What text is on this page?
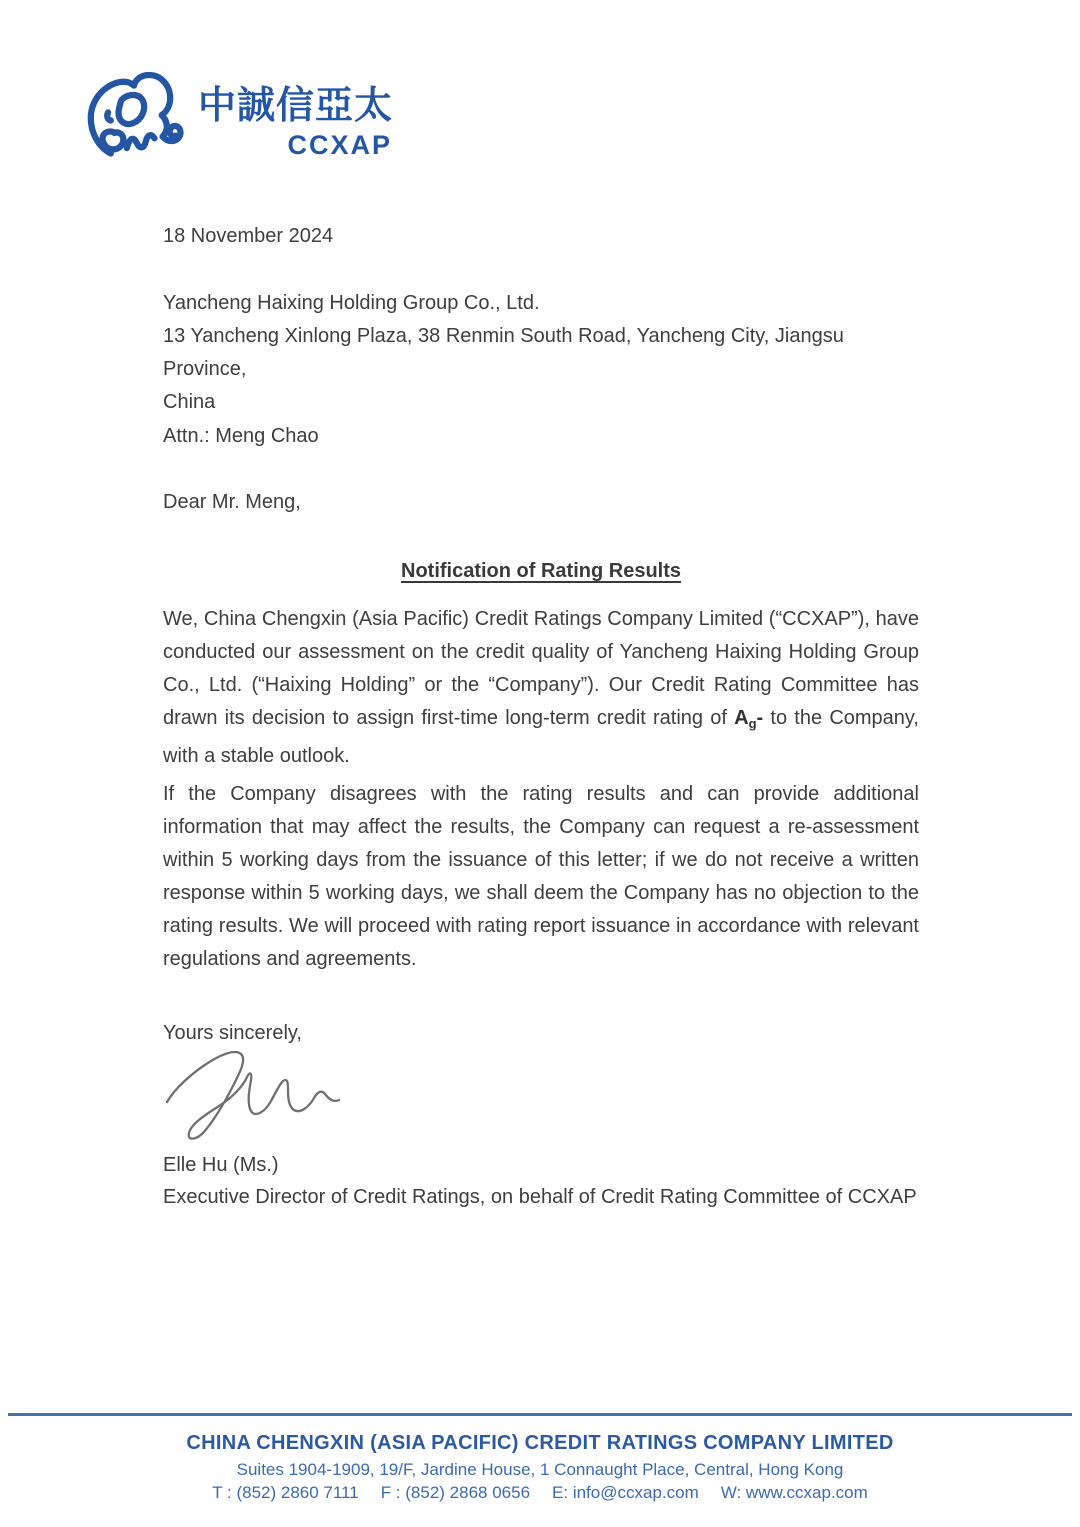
中誠信亞太
CCXAP

18 November 2024

Yancheng Haixing Holding Group Co., Ltd.

13 Yancheng Xinlong Plaza, 38 Renmin South Road, Yancheng City, Jiangsu Province,

China

Attn.: Meng Chao

Dear Mr. Meng,

Notification of Rating Results

We, China Chengxin (Asia Pacific) Credit Ratings Company Limited (“CCXAP”), have conducted our assessment on the credit quality of Yancheng Haixing Holding Group Co., Ltd. (“Haixing Holding” or the “Company”). Our Credit Rating Committee has drawn its decision to assign first-time long-term credit rating of $A_g-$ to the Company, with a stable outlook.

If the Company disagrees with the rating results and can provide additional information that may affect the results, the Company can request a re-assessment within 5 working days from the issuance of this letter; if we do not receive a written response within 5 working days, we shall deem the Company has no objection to the rating results. We will proceed with rating report issuance in accordance with relevant regulations and agreements.

Yours sincerely,

Elle Hu (Ms.)

Executive Director of Credit Ratings, on behalf of Credit Rating Committee of CCXAP

CHINA CHENGXIN (ASIA PACIFIC) CREDIT RATINGS COMPANY LIMITED

Suites 1904-1909, 19/F, Jardine House, 1 Connaught Place, Central, Hong Kong

T : (852) 2860 7111 F : (852) 2868 0656 E: info@ccxap.com W: www.ccxap.com
